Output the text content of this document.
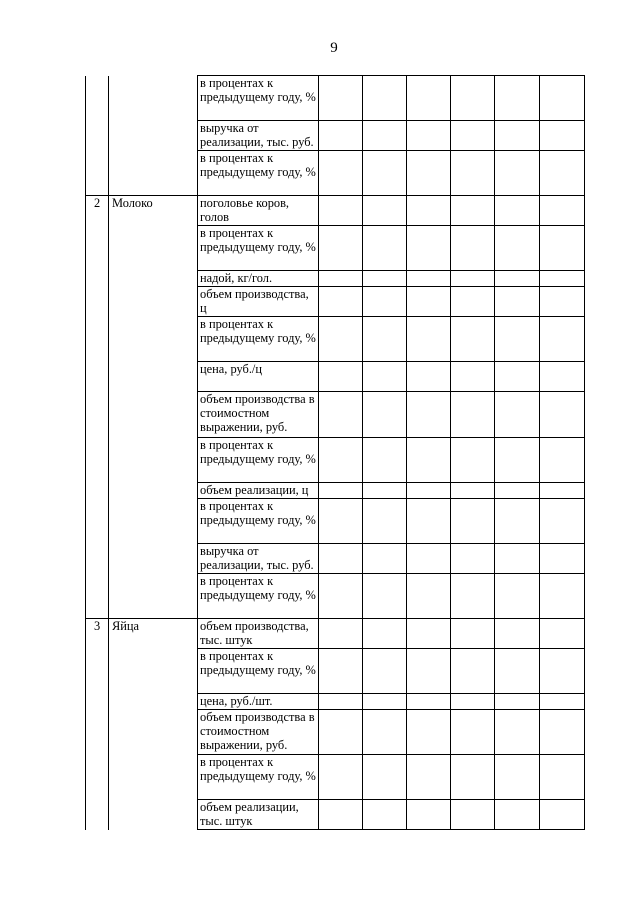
9
		в процентах к предыдущему году, %						
		выручка от реализации, тыс. руб.						
		в процентах к предыдущему году, %						
2	Молоко	поголовье коров, голов						
		в процентах к предыдущему году, %						
		надой, кг/гол.						
		объем производства, ц						
		в процентах к предыдущему году, %						
		цена, руб./ц						
		объем производства в стоимостном выражении, руб.						
		в процентах к предыдущему году, %						
		объем реализации, ц						
		в процентах к предыдущему году, %						
		выручка от реализации, тыс. руб.						
		в процентах к предыдущему году, %						
3	Яйца	объем производства, тыс. штук						
		в процентах к предыдущему году, %						
		цена, руб./шт.						
		объем производства в стоимостном выражении, руб.						
		в процентах к предыдущему году, %						
		объем реализации, тыс. штук						
